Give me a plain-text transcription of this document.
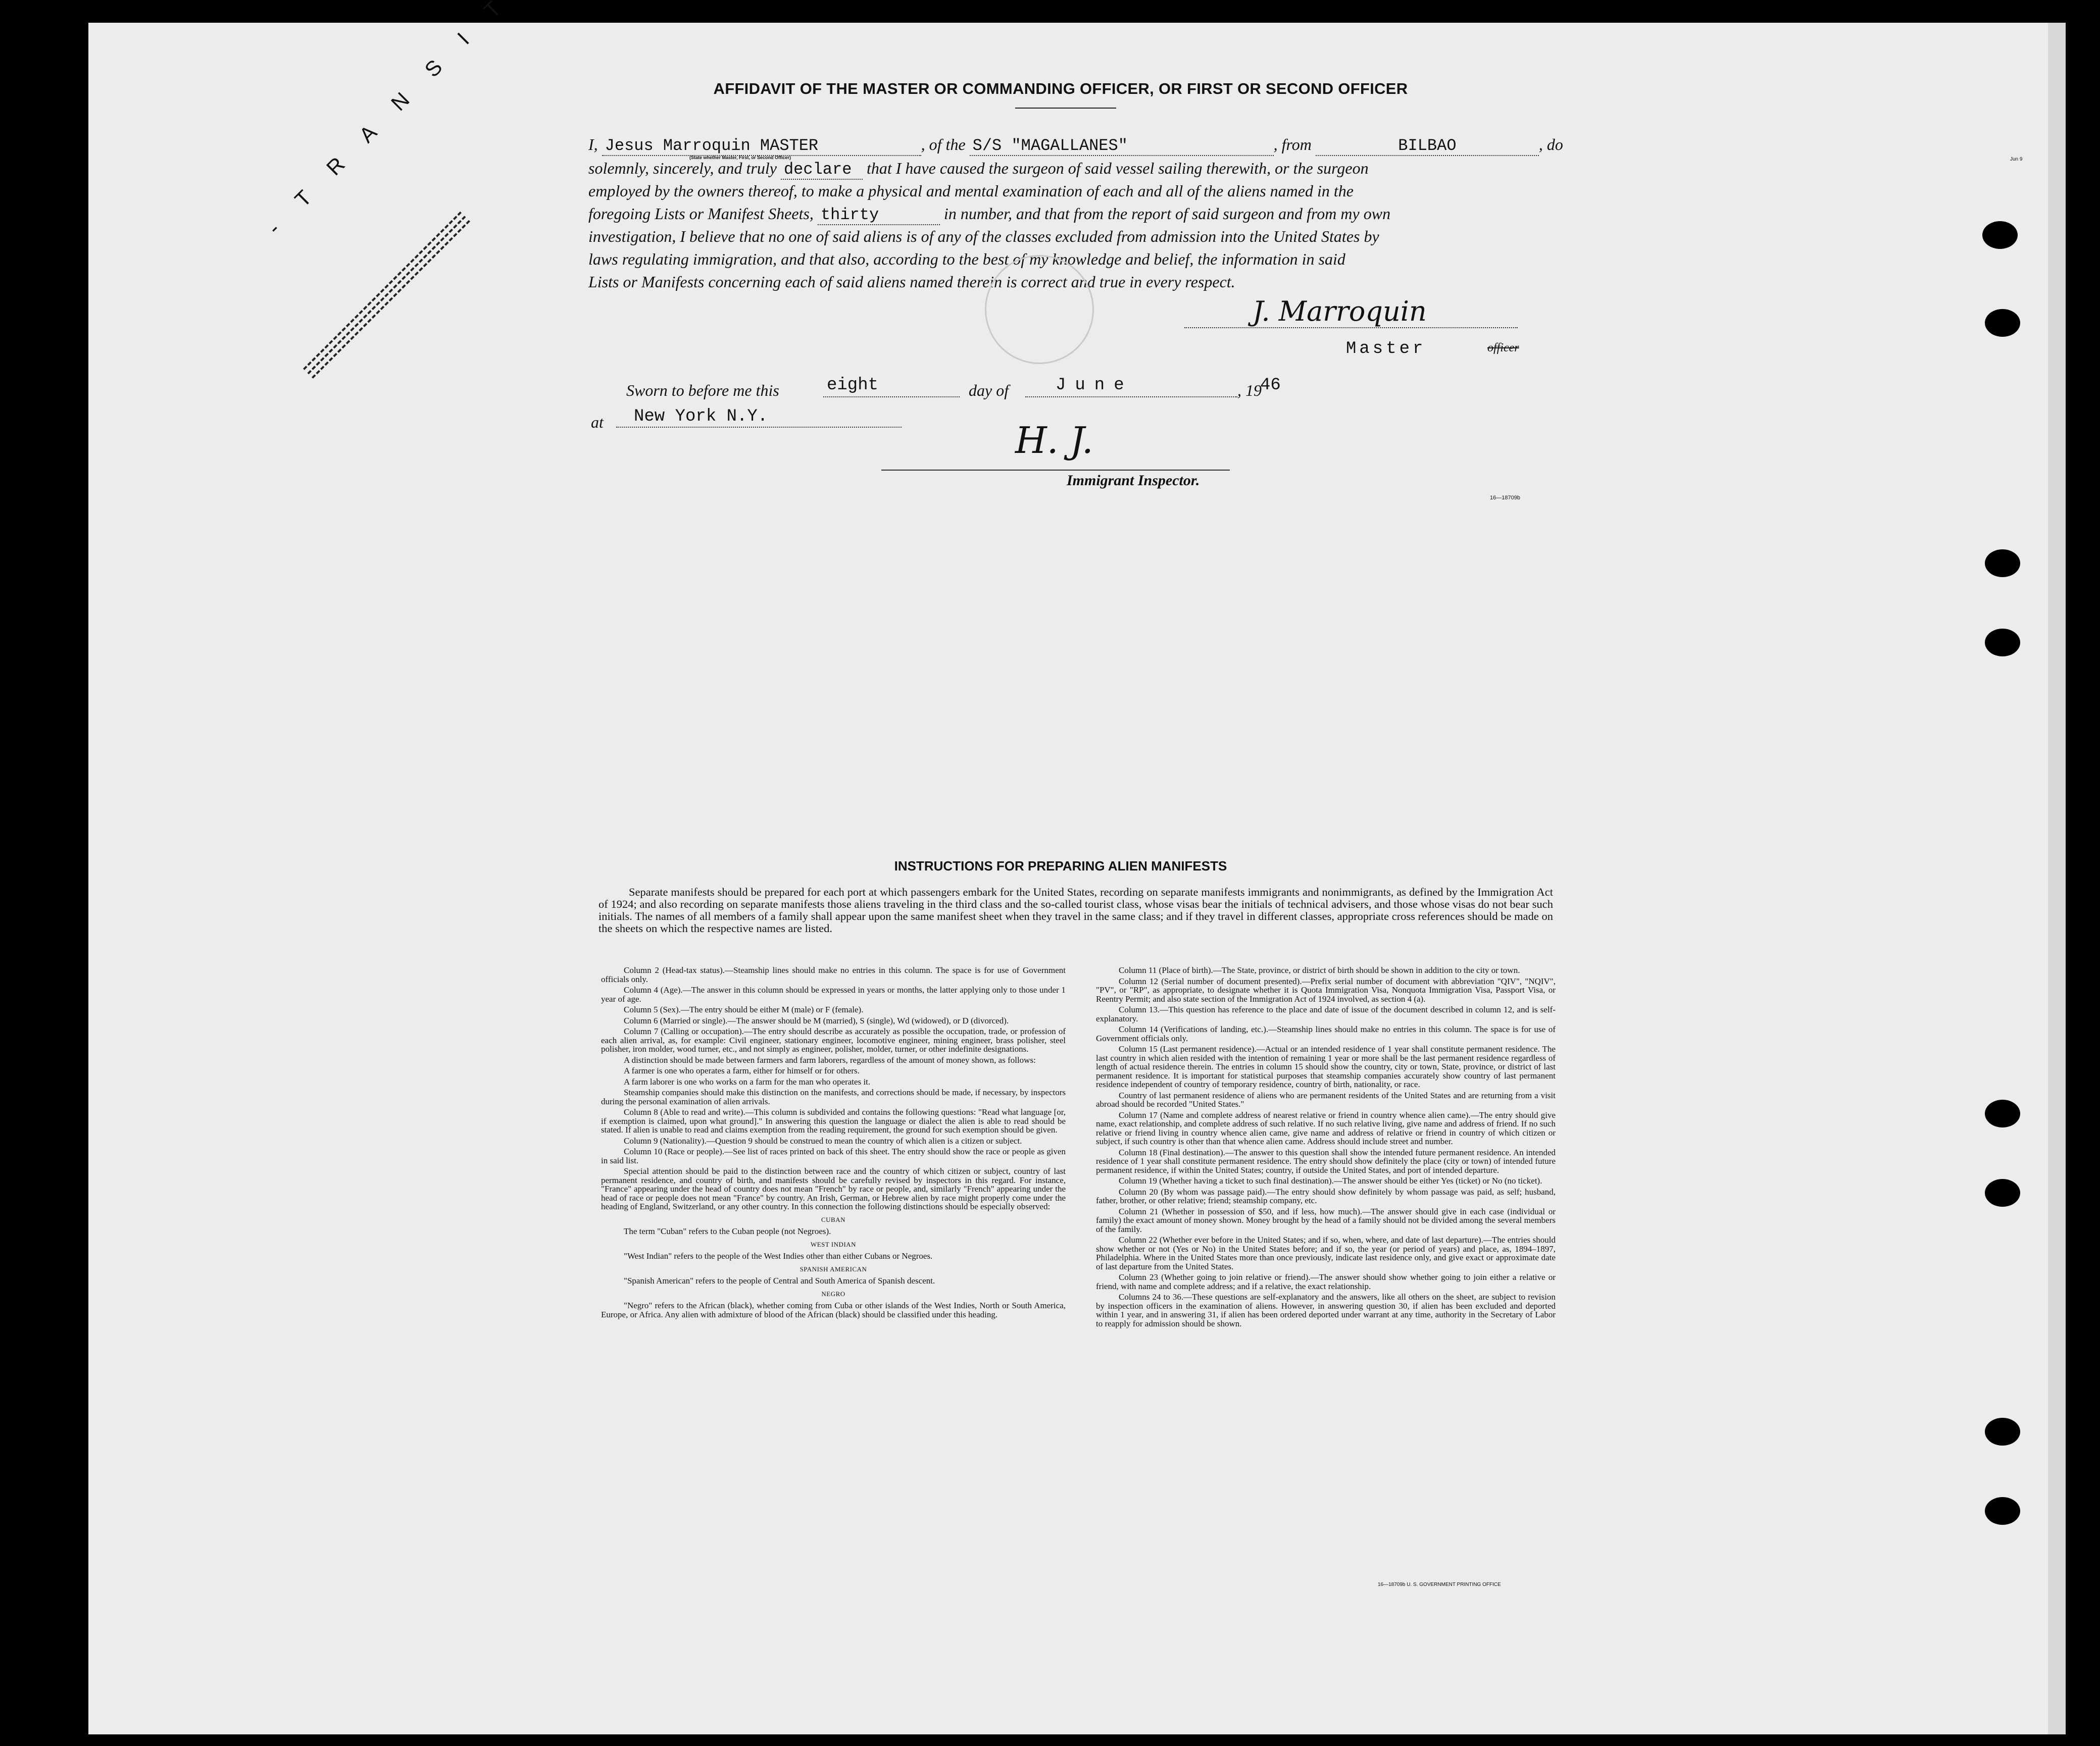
Jun 9
AFFIDAVIT OF THE MASTER OR COMMANDING OFFICER, OR FIRST OR SECOND OFFICER
I, Jesus Marroquin MASTER	, of the S/S "MAGALLANES"	, from	BILBAO	, do
(State whether Master, First, or Second Officer)
solemnly, sincerely, and truly declare that I have caused the surgeon of said vessel sailing therewith, or the surgeon
employed by the owners thereof, to make a physical and mental examination of each and all of the aliens named in the
foregoing Lists or Manifest Sheets, thirty	in number, and that from the report of said surgeon and from my own
investigation, I believe that no one of said aliens is of any of the classes excluded from admission into the United States by
laws regulating immigration, and that also, according to the best of my knowledge and belief, the information in said
Lists or Manifests concerning each of said aliens named therein is correct and true in every respect.
J. Marroquin
Master	officer
Sworn to before me this	eight	day of	June	, 19
46
at New York N.Y.
H. J.
Immigrant Inspector.
16—18709b
INSTRUCTIONS FOR PREPARING ALIEN MANIFESTS
Separate manifests should be prepared for each port at which passengers embark for the United States, recording on separate manifests immigrants and nonimmigrants, as defined by the Immigration Act of 1924; and also recording on separate manifests those aliens traveling in the third class and the so-called tourist class, whose visas bear the initials of technical advisers, and those whose visas do not bear such initials. The names of all members of a family shall appear upon the same manifest sheet when they travel in the same class; and if they travel in different classes, appropriate cross references should be made on the sheets on which the respective names are listed.

Column 2 (Head-tax status).—Steamship lines should make no entries in this column. The space is for use of Government officials only.

Column 4 (Age).—The answer in this column should be expressed in years or months, the latter applying only to those under 1 year of age.

Column 5 (Sex).—The entry should be either M (male) or F (female).

Column 6 (Married or single).—The answer should be M (married), S (single), Wd (widowed), or D (divorced).

Column 7 (Calling or occupation).—The entry should describe as accurately as possible the occupation, trade, or profession of each alien arrival, as, for example: Civil engineer, stationary engineer, locomotive engineer, mining engineer, brass polisher, steel polisher, iron molder, wood turner, etc., and not simply as engineer, polisher, molder, turner, or other indefinite designations.

A distinction should be made between farmers and farm laborers, regardless of the amount of money shown, as follows:

A farmer is one who operates a farm, either for himself or for others.

A farm laborer is one who works on a farm for the man who operates it.

Steamship companies should make this distinction on the manifests, and corrections should be made, if necessary, by inspectors during the personal examination of alien arrivals.

Column 8 (Able to read and write).—This column is subdivided and contains the following questions: "Read what language [or, if exemption is claimed, upon what ground]." In answering this question the language or dialect the alien is able to read should be stated. If alien is unable to read and claims exemption from the reading requirement, the ground for such exemption should be given.

Column 9 (Nationality).—Question 9 should be construed to mean the country of which alien is a citizen or subject.

Column 10 (Race or people).—See list of races printed on back of this sheet. The entry should show the race or people as given in said list.

Special attention should be paid to the distinction between race and the country of which citizen or subject, country of last permanent residence, and country of birth, and manifests should be carefully revised by inspectors in this regard. For instance, "France" appearing under the head of country does not mean "French" by race or people, and, similarly "French" appearing under the head of race or people does not mean "France" by country. An Irish, German, or Hebrew alien by race might properly come under the heading of England, Switzerland, or any other country. In this connection the following distinctions should be especially observed:

CUBAN

The term "Cuban" refers to the Cuban people (not Negroes).

WEST INDIAN

"West Indian" refers to the people of the West Indies other than either Cubans or Negroes.

SPANISH AMERICAN

"Spanish American" refers to the people of Central and South America of Spanish descent.

NEGRO

"Negro" refers to the African (black), whether coming from Cuba or other islands of the West Indies, North or South America, Europe, or Africa. Any alien with admixture of blood of the African (black) should be classified under this heading.

Column 11 (Place of birth).—The State, province, or district of birth should be shown in addition to the city or town.

Column 12 (Serial number of document presented).—Prefix serial number of document with abbreviation "QIV", "NQIV", "PV", or "RP", as appropriate, to designate whether it is Quota Immigration Visa, Nonquota Immigration Visa, Passport Visa, or Reentry Permit; and also state section of the Immigration Act of 1924 involved, as section 4 (a).

Column 13.—This question has reference to the place and date of issue of the document described in column 12, and is self-explanatory.

Column 14 (Verifications of landing, etc.).—Steamship lines should make no entries in this column. The space is for use of Government officials only.

Column 15 (Last permanent residence).—Actual or an intended residence of 1 year shall constitute permanent residence. The last country in which alien resided with the intention of remaining 1 year or more shall be the last permanent residence regardless of length of actual residence therein. The entries in column 15 should show the country, city or town, State, province, or district of last permanent residence. It is important for statistical purposes that steamship companies accurately show country of last permanent residence independent of country of temporary residence, country of birth, nationality, or race.

Country of last permanent residence of aliens who are permanent residents of the United States and are returning from a visit abroad should be recorded "United States."

Column 17 (Name and complete address of nearest relative or friend in country whence alien came).—The entry should give name, exact relationship, and complete address of such relative. If no such relative living, give name and address of friend. If no such relative or friend living in country whence alien came, give name and address of relative or friend in country of which citizen or subject, if such country is other than that whence alien came. Address should include street and number.

Column 18 (Final destination).—The answer to this question shall show the intended future permanent residence. An intended residence of 1 year shall constitute permanent residence. The entry should show definitely the place (city or town) of intended future permanent residence, if within the United States; country, if outside the United States, and port of intended departure.

Column 19 (Whether having a ticket to such final destination).—The answer should be either Yes (ticket) or No (no ticket).

Column 20 (By whom was passage paid).—The entry should show definitely by whom passage was paid, as self; husband, father, brother, or other relative; friend; steamship company, etc.

Column 21 (Whether in possession of $50, and if less, how much).—The answer should give in each case (individual or family) the exact amount of money shown. Money brought by the head of a family should not be divided among the several members of the family.

Column 22 (Whether ever before in the United States; and if so, when, where, and date of last departure).—The entries should show whether or not (Yes or No) in the United States before; and if so, the year (or period of years) and place, as, 1894–1897, Philadelphia. Where in the United States more than once previously, indicate last residence only, and give exact or approximate date of last departure from the United States.

Column 23 (Whether going to join relative or friend).—The answer should show whether going to join either a relative or friend, with name and complete address; and if a relative, the exact relationship.

Columns 24 to 36.—These questions are self-explanatory and the answers, like all others on the sheet, are subject to revision by inspection officers in the examination of aliens. However, in answering question 30, if alien has been excluded and deported within 1 year, and in answering 31, if alien has been ordered deported under warrant at any time, authority in the Secretary of Labor to reapply for admission should be shown.

16—18709b U. S. GOVERNMENT PRINTING OFFICE
